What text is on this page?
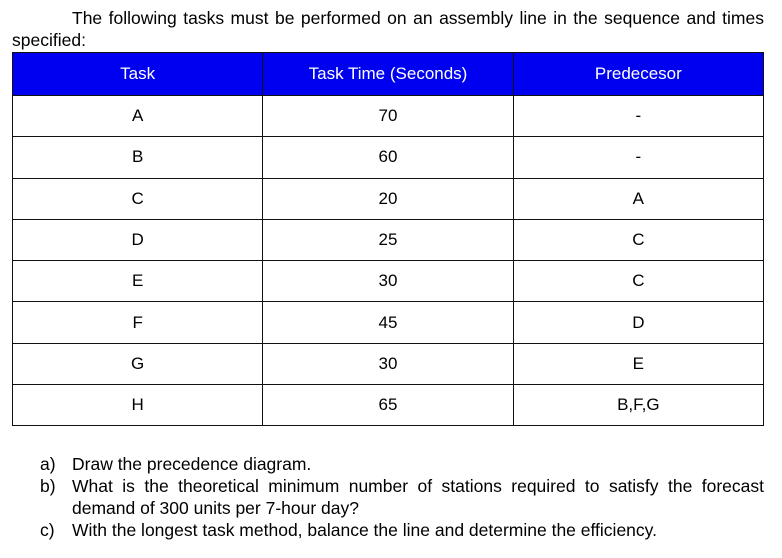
The following tasks must be performed on an assembly line in the sequence and times specified:
Task	Task Time (Seconds)	Predecesor
A	70	-
B	60	-
C	20	A
D	25	C
E	30	C
F	45	D
G	30	E
H	65	B,F,G
a) Draw the precedence diagram.
b) What is the theoretical minimum number of stations required to satisfy the forecast demand of 300 units per 7-hour day?
c) With the longest task method, balance the line and determine the efficiency.
